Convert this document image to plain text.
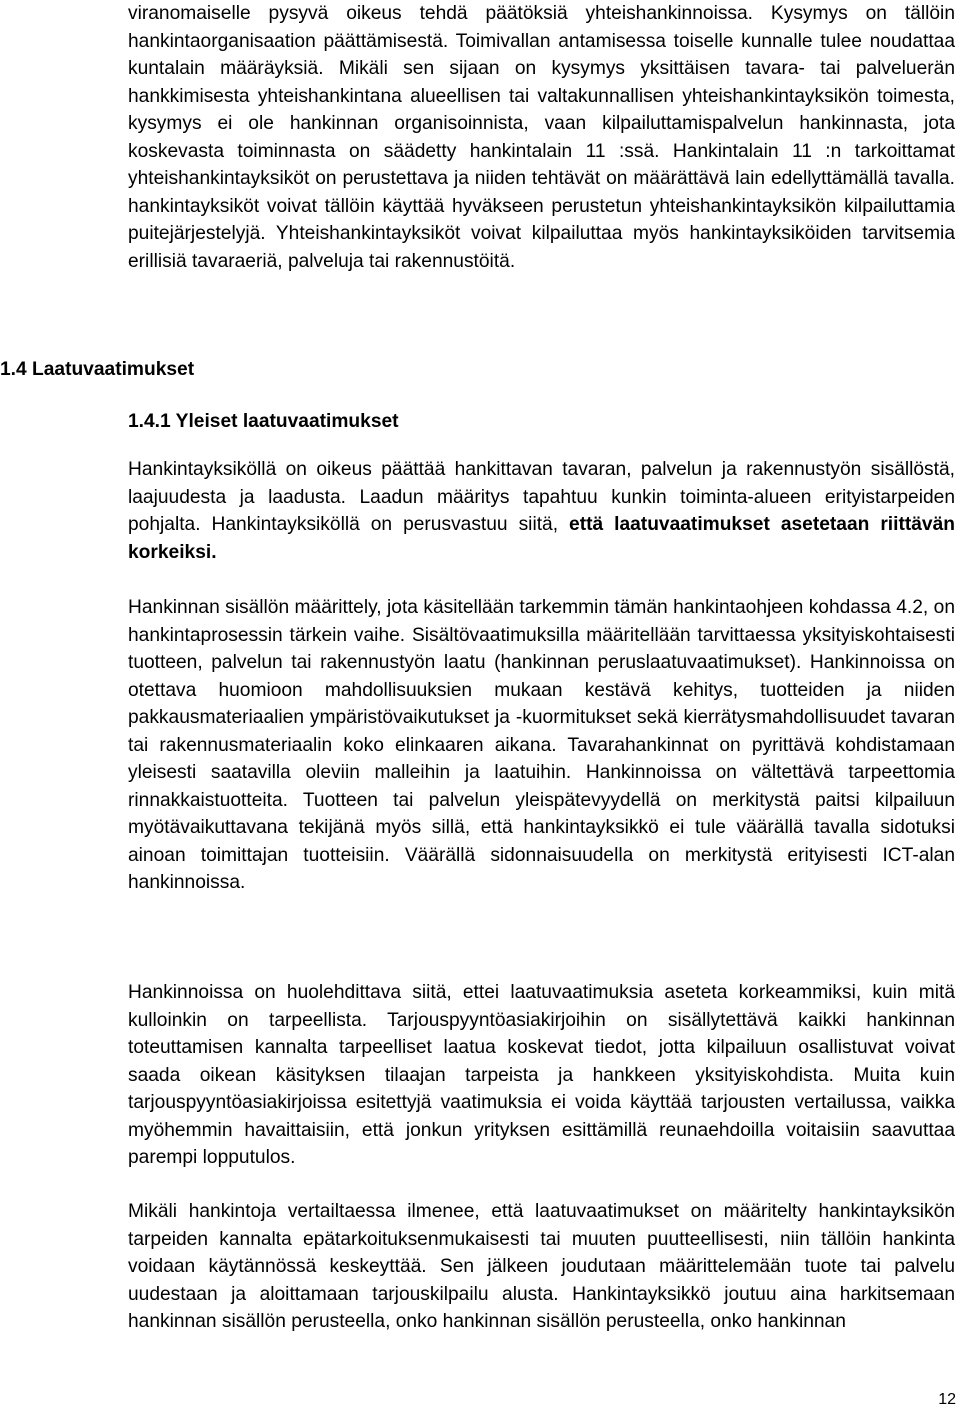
viranomaiselle pysyvä oikeus tehdä päätöksiä yhteishankinnoissa. Kysymys on tällöin hankintaorganisaation päättämisestä. Toimivallan antamisessa toiselle kunnalle tulee noudattaa kuntalain määräyksiä. Mikäli sen sijaan on kysymys yksittäisen tavara- tai palveluerän hankkimisesta yhteishankintana alueellisen tai valtakunnallisen yhteishankintayksikön toimesta, kysymys ei ole hankinnan organisoinnista, vaan kilpailuttamispalvelun hankinnasta, jota koskevasta toiminnasta on säädetty hankintalain 11 :ssä. Hankintalain 11 :n tarkoittamat yhteishankintayksiköt on perustettava ja niiden tehtävät on määrättävä lain edellyttämällä tavalla. hankintayksiköt voivat tällöin käyttää hyväkseen perustetun yhteishankintayksikön kilpailuttamia puitejärjestelyjä. Yhteishankintayksiköt voivat kilpailuttaa myös hankintayksiköiden tarvitsemia erillisiä tavaraeriä, palveluja tai rakennustöitä.

1.4 Laatuvaatimukset
1.4.1 Yleiset laatuvaatimukset

Hankintayksiköllä on oikeus päättää hankittavan tavaran, palvelun ja rakennustyön sisällöstä, laajuudesta ja laadusta. Laadun määritys tapahtuu kunkin toiminta-alueen erityistarpeiden pohjalta. Hankintayksiköllä on perusvastuu siitä, että laatuvaatimukset asetetaan riittävän korkeiksi.

Hankinnan sisällön määrittely, jota käsitellään tarkemmin tämän hankintaohjeen kohdassa 4.2, on hankintaprosessin tärkein vaihe. Sisältövaatimuksilla määritellään tarvittaessa yksityiskohtaisesti tuotteen, palvelun tai rakennustyön laatu (hankinnan peruslaatuvaatimukset). Hankinnoissa on otettava huomioon mahdollisuuksien mukaan kestävä kehitys, tuotteiden ja niiden pakkausmateriaalien ympäristövaikutukset ja -kuormitukset sekä kierrätysmahdollisuudet tavaran tai rakennusmateriaalin koko elinkaaren aikana. Tavarahankinnat on pyrittävä kohdistamaan yleisesti saatavilla oleviin malleihin ja laatuihin. Hankinnoissa on vältettävä tarpeettomia rinnakkaistuotteita. Tuotteen tai palvelun yleispätevyydellä on merkitystä paitsi kilpailuun myötävaikuttavana tekijänä myös sillä, että hankintayksikkö ei tule väärällä tavalla sidotuksi ainoan toimittajan tuotteisiin. Väärällä sidonnaisuudella on merkitystä erityisesti ICT-alan hankinnoissa.

Hankinnoissa on huolehdittava siitä, ettei laatuvaatimuksia aseteta korkeammiksi, kuin mitä kulloinkin on tarpeellista. Tarjouspyyntöasiakirjoihin on sisällytettävä kaikki hankinnan toteuttamisen kannalta tarpeelliset laatua koskevat tiedot, jotta kilpailuun osallistuvat voivat saada oikean käsityksen tilaajan tarpeista ja hankkeen yksityiskohdista. Muita kuin tarjouspyyntöasiakirjoissa esitettyjä vaatimuksia ei voida käyttää tarjousten vertailussa, vaikka myöhemmin havaittaisiin, että jonkun yrityksen esittämillä reunaehdoilla voitaisiin saavuttaa parempi lopputulos.

Mikäli hankintoja vertailtaessa ilmenee, että laatuvaatimukset on määritelty hankintayksikön tarpeiden kannalta epätarkoituksenmukaisesti tai muuten puutteellisesti, niin tällöin hankinta voidaan käytännössä keskeyttää. Sen jälkeen joudutaan määrittelemään tuote tai palvelu uudestaan ja aloittamaan tarjouskilpailu alusta. Hankintayksikkö joutuu aina harkitsemaan hankinnan sisällön perusteella, onko hankinnan sisällön perusteella, onko hankinnan

12
